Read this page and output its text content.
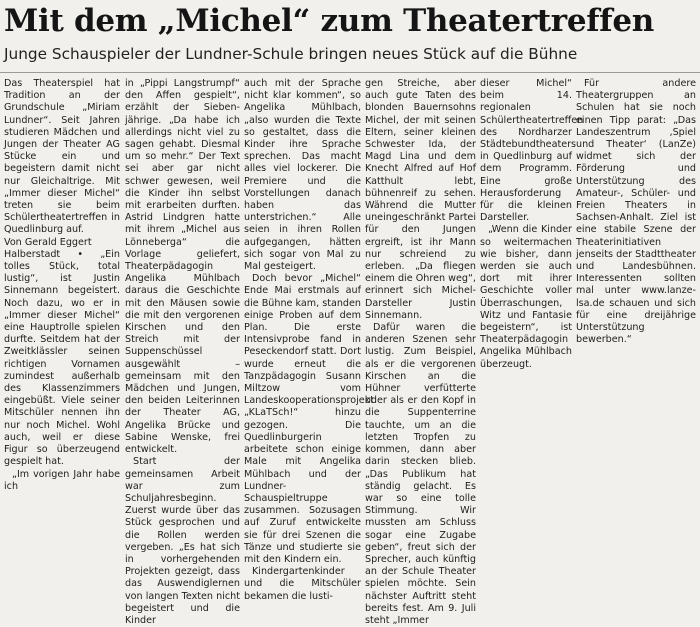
Mit dem „Michel“ zum Theatertreffen
Junge Schauspieler der Lundner-Schule bringen neues Stück auf die Bühne

Das Theaterspiel hat Tradition an der Grundschule „Miriam Lundner“. Seit Jahren studieren Mädchen und Jungen der Theater AG Stücke ein und begeistern damit nicht nur Gleichaltrige. Mit „Immer dieser Michel“ treten sie beim Schülertheatertreffen in Quedlinburg auf.

Von Gerald Eggert

Halberstadt • „Ein tolles Stück, total lustig“, ist Justin Sinnemann begeistert. Noch dazu, wo er in „Immer dieser Michel“ eine Hauptrolle spielen durfte. Seitdem hat der Zweitklässler seinen richtigen Vornamen zumindest außerhalb des Klassenzimmers eingebüßt. Viele seiner Mitschüler nennen ihn nur noch Michel. Wohl auch, weil er diese Figur so überzeugend gespielt hat.

„Im vorigen Jahr habe ich

in „Pippi Langstrumpf“ den Affen gespielt“, erzählt der Sieben-jährige. „Da habe ich allerdings nicht viel zu sagen gehabt. Diesmal um so mehr.“ Der Text sei aber gar nicht schwer gewesen, weil die Kinder ihn selbst mit erarbeiten durften. Astrid Lindgren hatte mit ihrem „Michel aus Lönneberga“ die Vorlage geliefert, Theaterpädagogin Angelika Mühlbach daraus die Geschichte mit den Mäusen sowie die mit den vergorenen Kirschen und den Streich mit der Suppenschüssel ausgewählt – gemeinsam mit den Mädchen und Jungen, den beiden Leiterinnen der Theater AG, Angelika Brücke und Sabine Wenske, frei entwickelt.

Start der gemeinsamen Arbeit war zum Schuljahresbeginn. Zuerst wurde über das Stück gesprochen und die Rollen werden vergeben. „Es hat sich in vorhergehenden Projekten gezeigt, dass das Auswendiglernen von langen Texten nicht begeistert und die Kinder

auch mit der Sprache nicht klar kommen“, so Angelika Mühlbach, „also wurden die Texte so gestaltet, dass die Kinder ihre Sprache sprechen. Das macht alles viel lockerer. Die Premiere und die Vorstellungen danach haben das unterstrichen.“ Alle seien in ihren Rollen aufgegangen, hätten sich sogar von Mal zu Mal gesteigert.

Doch bevor „Michel“ Ende Mai erstmals auf die Bühne kam, standen einige Proben auf dem Plan. Die erste Intensivprobe fand in Peseckendorf statt. Dort wurde erneut die Tanzpädagogin Susann Miltzow vom Landeskooperationsprojekt „KLaTSch!“ hinzu gezogen. Die Quedlinburgerin arbeitete schon einige Male mit Angelika Mühlbach und der Lundner-Schauspieltruppe zusammen. Sozusagen auf Zuruf entwickelte sie für drei Szenen die Tänze und studierte sie mit den Kindern ein.

Kindergartenkinder und die Mitschüler bekamen die lusti-

gen Streiche, aber auch gute Taten des blonden Bauernsohns Michel, der mit seinen Eltern, seiner kleinen Schwester Ida, der Magd Lina und dem Knecht Alfred auf Hof Katthult lebt, bühnenreif zu sehen. Während die Mutter uneingeschränkt Partei für den Jungen ergreift, ist ihr Mann nur schreiend zu erleben. „Da fliegen einem die Ohren weg“, erinnert sich Michel-Darsteller Justin Sinnemann.

Dafür waren die anderen Szenen sehr lustig. Zum Beispiel, als er die vergorenen Kirschen an die Hühner verfütterte oder als er den Kopf in die Suppenterrine tauchte, um an die letzten Tropfen zu kommen, dann aber darin stecken blieb. „Das Publikum hat ständig gelacht. Es war so eine tolle Stimmung. Wir mussten am Schluss sogar eine Zugabe geben“, freut sich der Sprecher, auch künftig an der Schule Theater spielen möchte. Sein nächster Auftritt steht bereits fest. Am 9. Juli steht „Immer

dieser Michel“ beim 14. regionalen Schülertheatertreffen des Nordharzer Städtebundtheaters in Quedlinburg auf dem Programm. Eine große Herausforderung für die kleinen Darsteller.

„Wenn die Kinder so weitermachen wie bisher, dann werden sie auch dort mit ihrer Geschichte voller Überraschungen, Witz und Fantasie begeistern“, ist Theaterpädagogin Angelika Mühlbach überzeugt.

Für andere Theatergruppen an Schulen hat sie noch einen Tipp parat: „Das Landeszentrum ‚Spiel und Theater‘ (LanZe) widmet sich der Förderung und Unterstützung des Amateur-, Schüler- und Freien Theaters in Sachsen-Anhalt. Ziel ist eine stabile Szene der Theaterinitiativen jenseits der Stadttheater und Landesbühnen. Interessenten sollten mal unter www.lanze-lsa.de schauen und sich für eine dreijährige Unterstützung bewerben.“
